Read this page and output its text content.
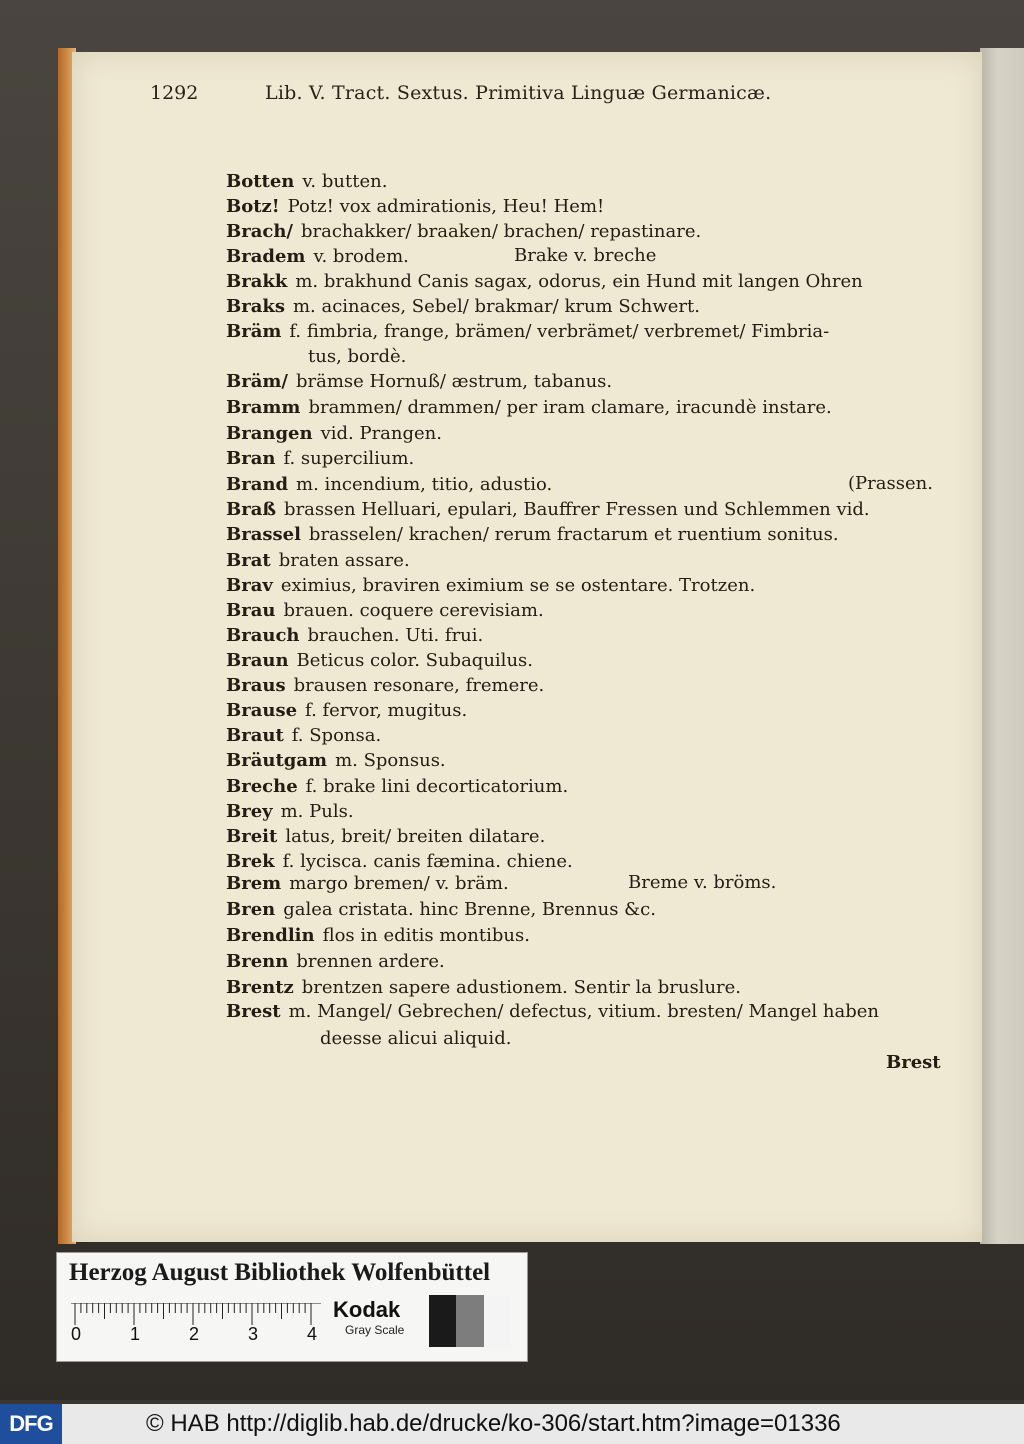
1292	Lib. V. Tract. Sextus. Primitiva Linguæ Germanicæ.
Botten v. butten.
Botz! Potz! vox admirationis, Heu! Hem!
Brach/ brachakker/ braaken/ brachen/ repastinare.
Bradem v. brodem.
Brakk m. brakhund Canis sagax, odorus, ein Hund mit langen Ohren
Braks m. acinaces, Sebel/ brakmar/ krum Schwert.
Bräm f. fimbria, frange, brämen/ verbrämet/ verbremet/ Fimbria-
Bräm/ brämse Hornuß/ æstrum, tabanus.
Bramm brammen/ drammen/ per iram clamare, iracundè instare.
Brangen vid. Prangen.
Bran f. supercilium.
Brand m. incendium, titio, adustio.
Braß brassen Helluari, epulari, Bauffrer Fressen und Schlemmen vid.
Brassel brasselen/ krachen/ rerum fractarum et ruentium sonitus.
Brat braten assare.
Brav eximius, braviren eximium se se ostentare. Trotzen.
Brau brauen. coquere cerevisiam.
Brauch brauchen. Uti. frui.
Braun Beticus color. Subaquilus.
Braus brausen resonare, fremere.
Brause f. fervor, mugitus.
Braut f. Sponsa.
Bräutgam m. Sponsus.
Breche f. brake lini decorticatorium.
Brey m. Puls.
Breit latus, breit/ breiten dilatare.
Brek f. lycisca. canis fæmina. chiene.
Brem margo bremen/ v. bräm.
Bren galea cristata. hinc Brenne, Brennus &c.
Brendlin flos in editis montibus.
Brenn brennen ardere.
Brentz brentzen sapere adustionem. Sentir la bruslure.
Brest m. Mangel/ Gebrechen/ defectus, vitium. bresten/ Mangel haben
Brake v. breche
tus, bordè.
(Prassen.
Breme v. bröms.
deesse alicui aliquid.
Brest
Herzog August Bibliothek Wolfenbüttel
0	1	2	3	4
Kodak
Gray Scale
DFG	© HAB http://diglib.hab.de/drucke/ko-306/start.htm?image=01336
